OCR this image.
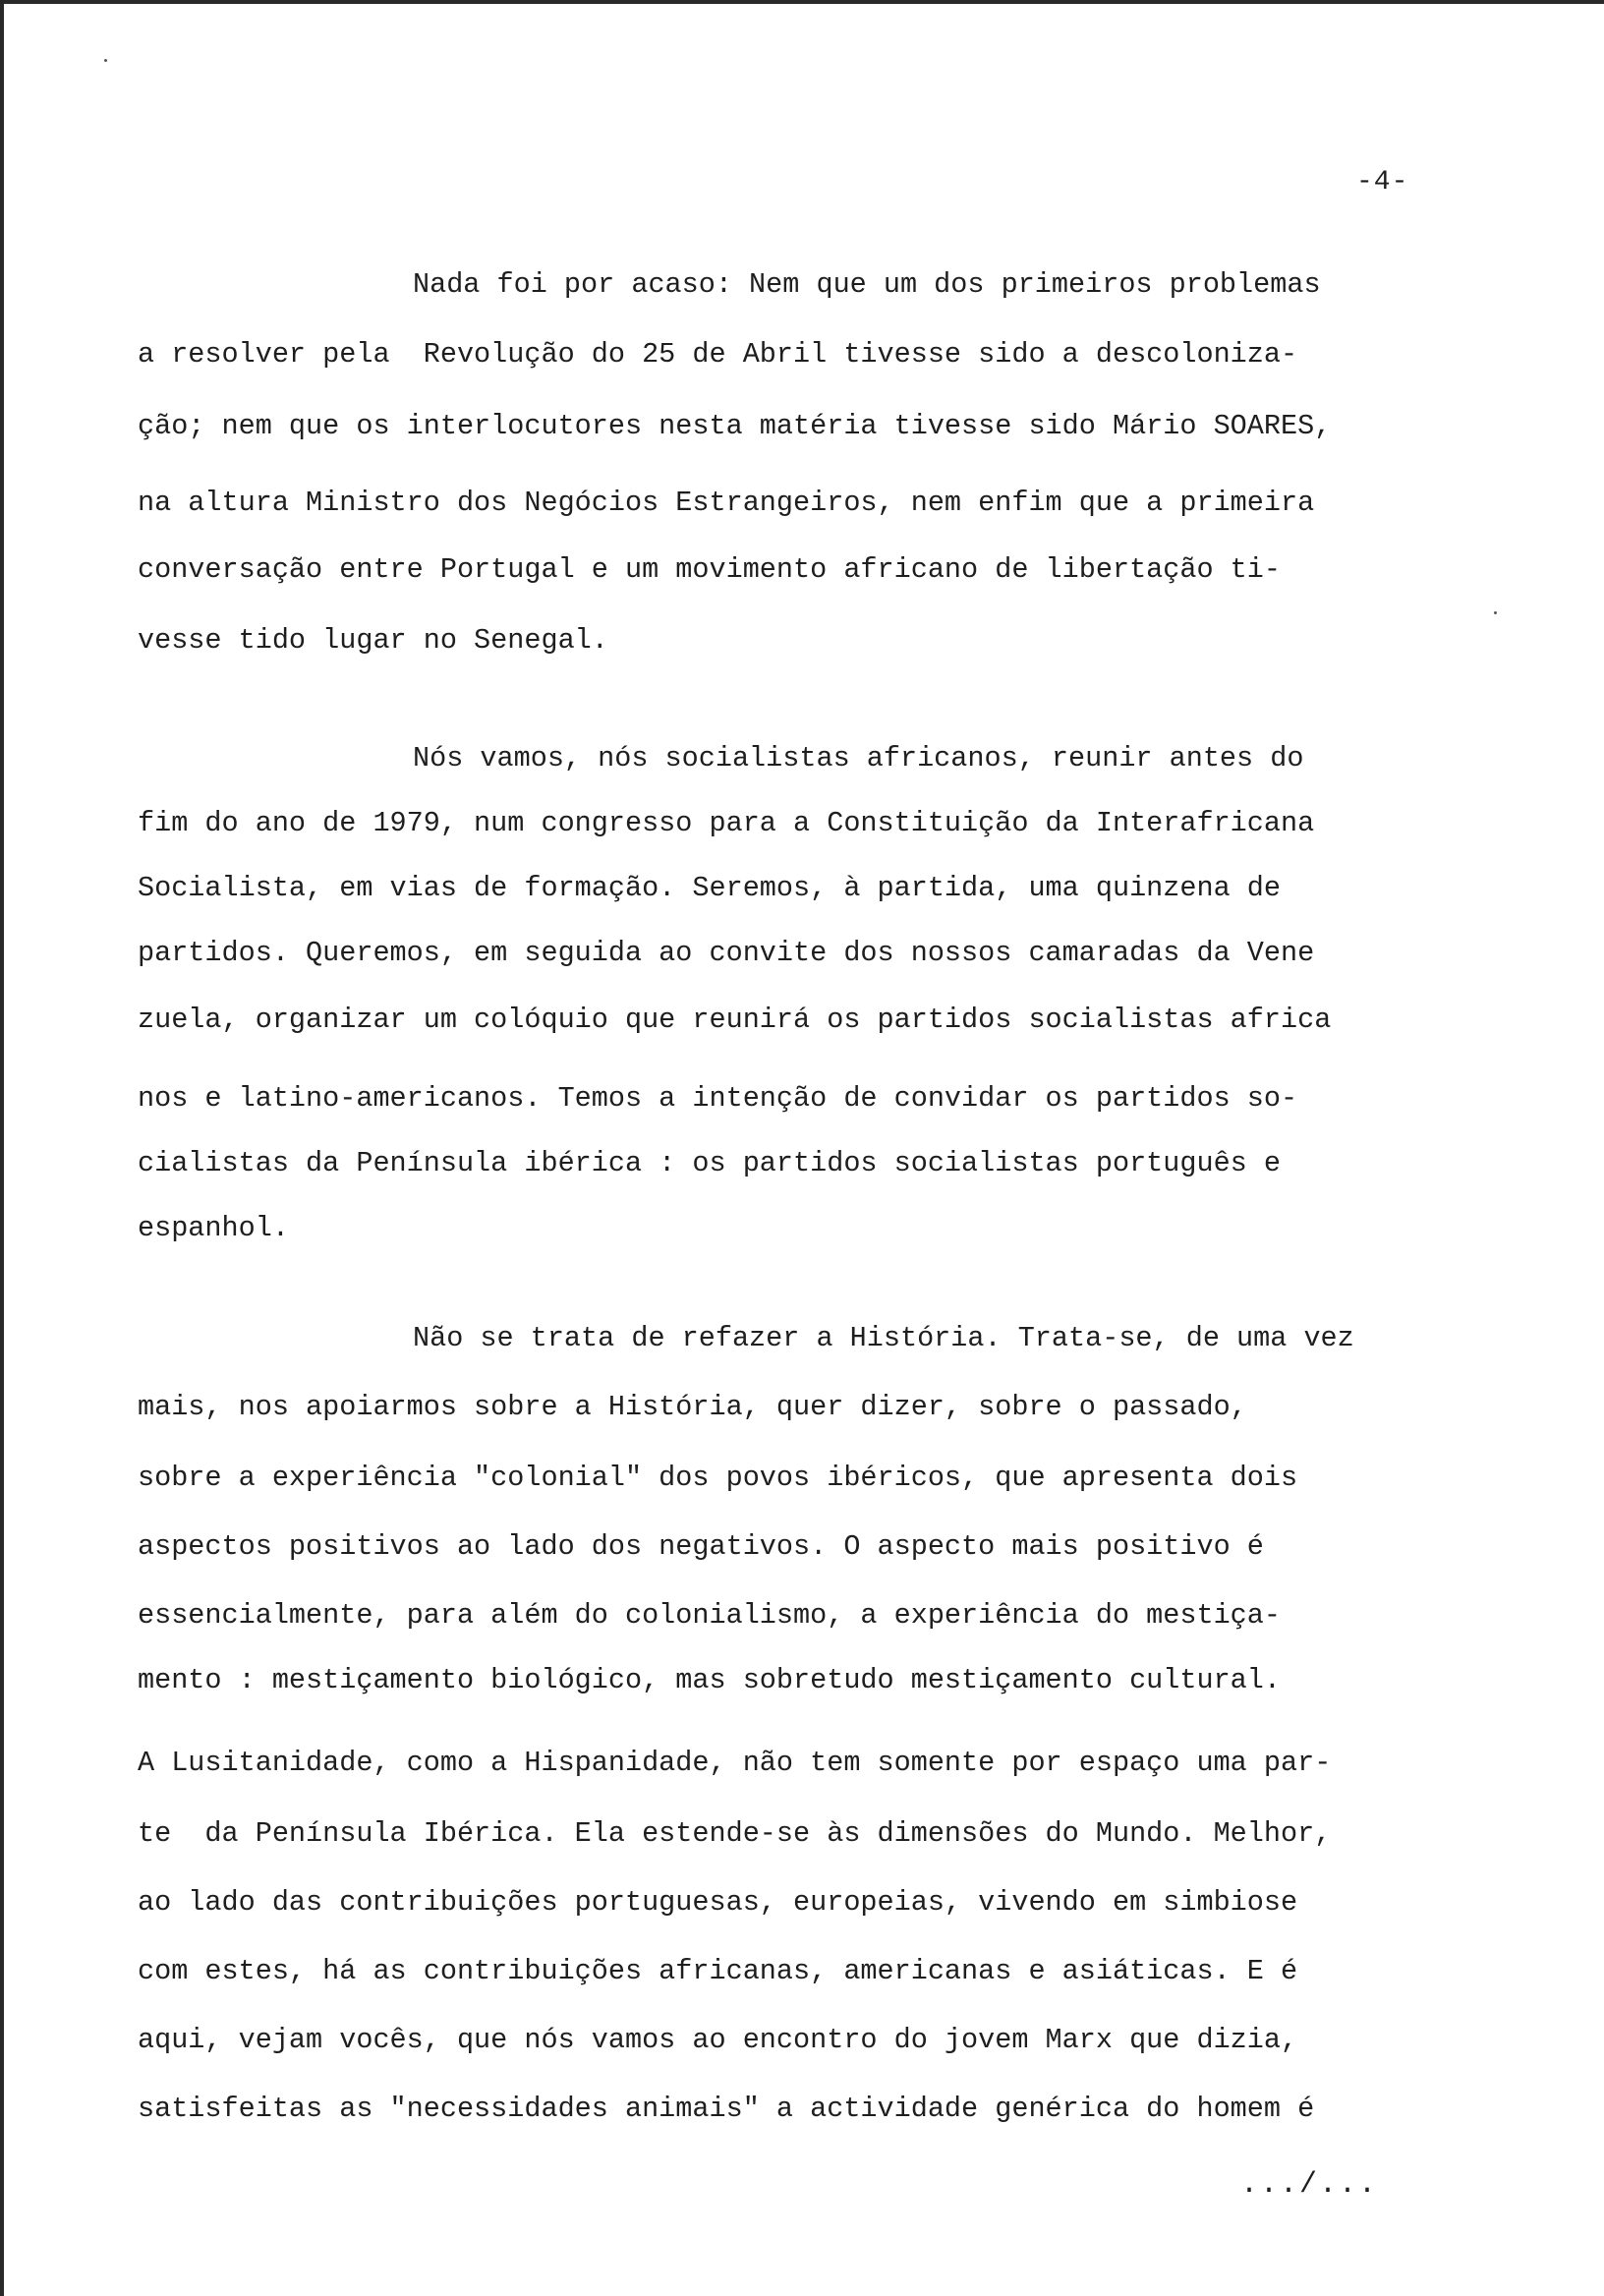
-4-
Nada foi por acaso: Nem que um dos primeiros problemas
a resolver pela  Revolução do 25 de Abril tivesse sido a descoloniza-
ção; nem que os interlocutores nesta matéria tivesse sido Mário SOARES,
na altura Ministro dos Negócios Estrangeiros, nem enfim que a primeira
conversação entre Portugal e um movimento africano de libertação ti-
vesse tido lugar no Senegal.
Nós vamos, nós socialistas africanos, reunir antes do
fim do ano de 1979, num congresso para a Constituição da Interafricana
Socialista, em vias de formação. Seremos, à partida, uma quinzena de
partidos. Queremos, em seguida ao convite dos nossos camaradas da Vene
zuela, organizar um colóquio que reunirá os partidos socialistas africa
nos e latino-americanos. Temos a intenção de convidar os partidos so-
cialistas da Península ibérica : os partidos socialistas português e
espanhol.
Não se trata de refazer a História. Trata-se, de uma vez
mais, nos apoiarmos sobre a História, quer dizer, sobre o passado,
sobre a experiência "colonial" dos povos ibéricos, que apresenta dois
aspectos positivos ao lado dos negativos. O aspecto mais positivo é
essencialmente, para além do colonialismo, a experiência do mestiça-
mento : mestiçamento biológico, mas sobretudo mestiçamento cultural.
A Lusitanidade, como a Hispanidade, não tem somente por espaço uma par-
te  da Península Ibérica. Ela estende-se às dimensões do Mundo. Melhor,
ao lado das contribuições portuguesas, europeias, vivendo em simbiose
com estes, há as contribuições africanas, americanas e asiáticas. E é
aqui, vejam vocês, que nós vamos ao encontro do jovem Marx que dizia,
satisfeitas as "necessidades animais" a actividade genérica do homem é
.../...
